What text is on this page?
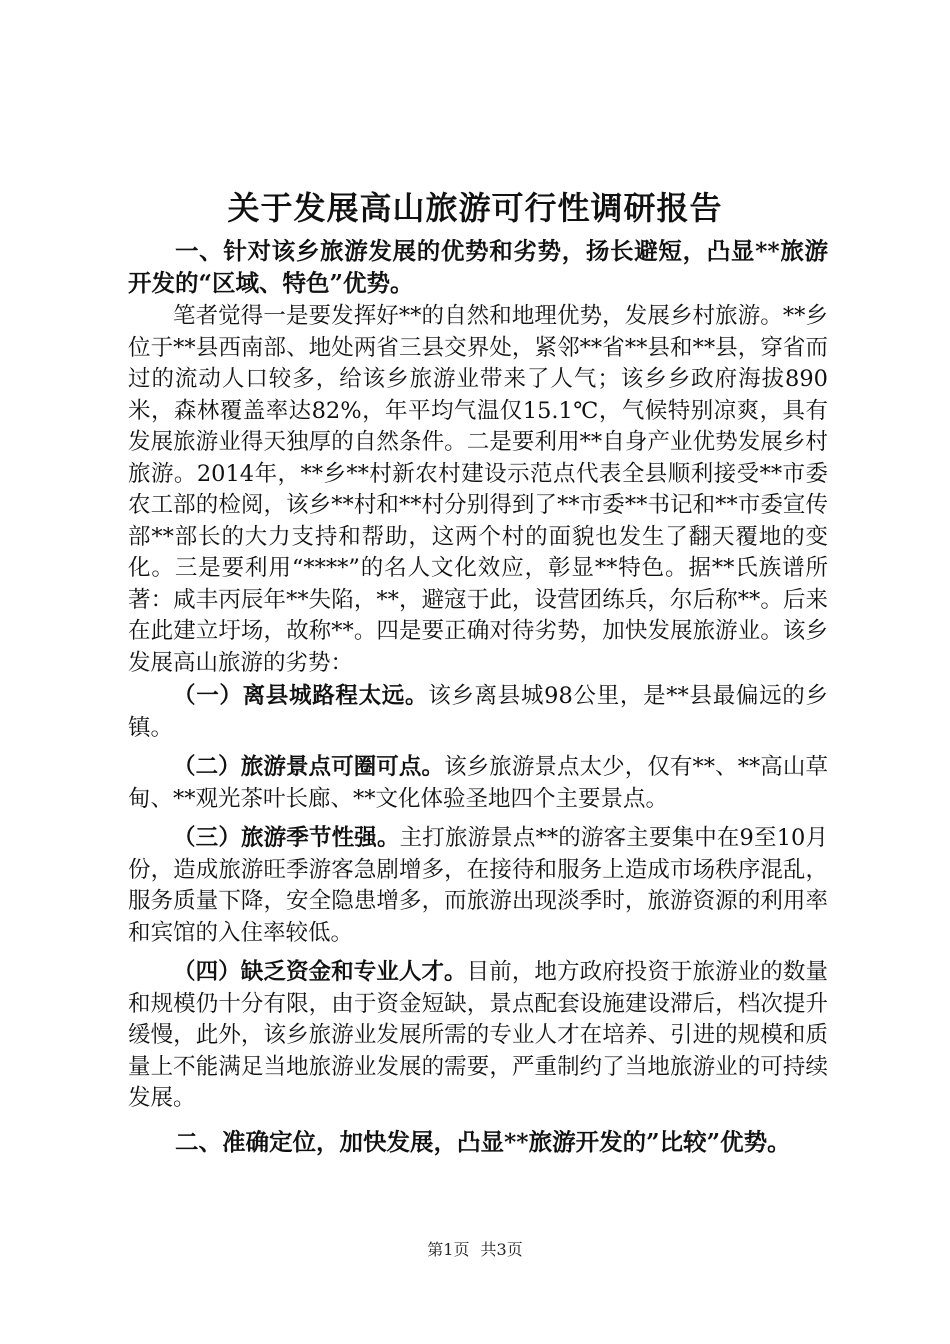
关于发展高山旅游可行性调研报告

一、针对该乡旅游发展的优势和劣势，扬长避短，凸显**旅游开发的“区域、特色”优势。

笔者觉得一是要发挥好**的自然和地理优势，发展乡村旅游。**乡位于**县西南部、地处两省三县交界处，紧邻**省**县和**县，穿省而过的流动人口较多，给该乡旅游业带来了人气；该乡乡政府海拔890米，森林覆盖率达82%，年平均气温仅15.1℃，气候特别凉爽，具有发展旅游业得天独厚的自然条件。二是要利用**自身产业优势发展乡村旅游。2014年，**乡**村新农村建设示范点代表全县顺利接受**市委农工部的检阅，该乡**村和**村分别得到了**市委**书记和**市委宣传部**部长的大力支持和帮助，这两个村的面貌也发生了翻天覆地的变化。三是要利用“****”的名人文化效应，彰显**特色。据**氏族谱所著：咸丰丙辰年**失陷，**，避寇于此，设营团练兵，尔后称**。后来在此建立圩场，故称**。四是要正确对待劣势，加快发展旅游业。该乡发展高山旅游的劣势：

（一）离县城路程太远。该乡离县城98公里，是**县最偏远的乡镇。

（二）旅游景点可圈可点。该乡旅游景点太少，仅有**、**高山草甸、**观光茶叶长廊、**文化体验圣地四个主要景点。

（三）旅游季节性强。主打旅游景点**的游客主要集中在9至10月份，造成旅游旺季游客急剧增多，在接待和服务上造成市场秩序混乱，服务质量下降，安全隐患增多，而旅游出现淡季时，旅游资源的利用率和宾馆的入住率较低。

（四）缺乏资金和专业人才。目前，地方政府投资于旅游业的数量和规模仍十分有限，由于资金短缺，景点配套设施建设滞后，档次提升缓慢，此外，该乡旅游业发展所需的专业人才在培养、引进的规模和质量上不能满足当地旅游业发展的需要，严重制约了当地旅游业的可持续发展。

二、准确定位，加快发展，凸显**旅游开发的”比较”优势。

第1页 共3页
